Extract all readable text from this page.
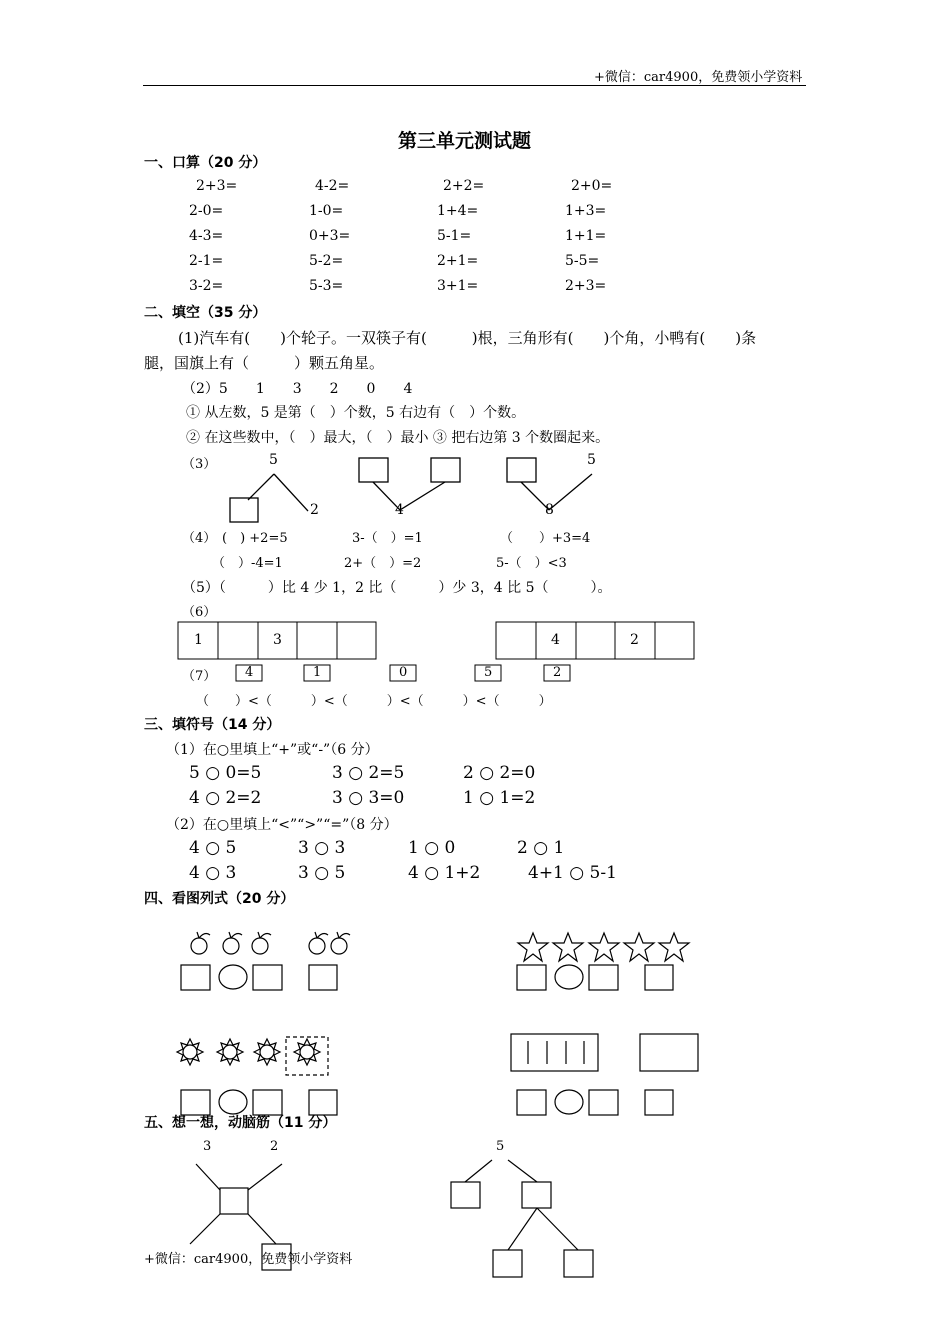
+微信：car4900，免费领小学资料
第三单元测试题
一、口算（20 分）
2+3=	4-2=	2+2=	2+0=
2-0=	1-0=	1+4=	1+3=
4-3=	0+3=	5-1=	1+1=
2-1=	5-2=	2+1=	5-5=
3-2=	5-3=	3+1=	2+3=
二、填空（35 分）
(1)汽车有(　　)个轮子。一双筷子有(　　　)根，三角形有(　　)个角，小鸭有(　　)条
腿，国旗上有（　　　）颗五角星。
（2）5　　1　　3　　2　　0　　4
① 从左数，5 是第（　）个数，5 右边有（　）个数。
② 在这些数中，（　）最大，（　）最小 ③ 把右边第 3 个数圈起来。
（3）	5
2	4
5
8
（4） (　) +2=5	3-（　）=1	（　　）+3=4
（　）-4=1	2+（　）=2	5-（　）<3
（5）（　　　）比 4 少 1，2 比（　　　）少 3，4 比 5（　　　）。
（6）
1	3	4	2
（7） 4	1	0	5	2
（　　）<（　　　）<（　　　）<（　　　）<（　　　）
三、填符号（14 分）
（1）在○里填上“+”或“-”（6 分）
5 ○ 0=5	3 ○ 2=5	2 ○ 2=0
4 ○ 2=2	3 ○ 3=0	1 ○ 1=2
（2）在○里填上“<”“>”“=”（8 分）
4 ○ 5	3 ○ 3	1 ○ 0	2 ○ 1
4 ○ 3	3 ○ 5	4 ○ 1+2	4+1 ○ 5-1
四、看图列式（20 分）
五、想一想，动脑筋（11 分）
3	2	5
+微信：car4900，免费领小学资料
